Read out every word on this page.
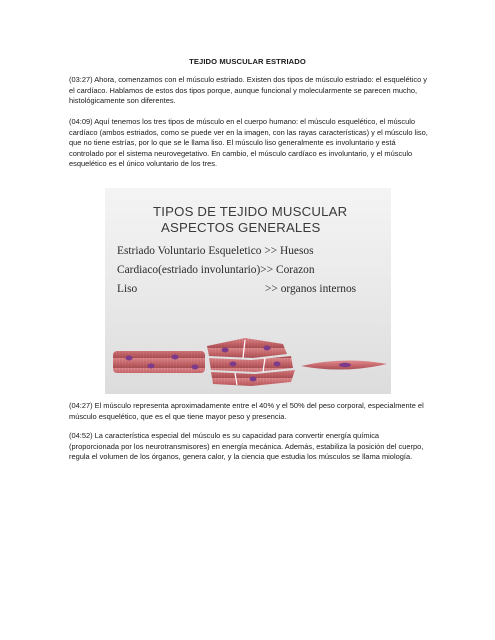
TEJIDO MUSCULAR ESTRIADO

(03:27) Ahora, comenzamos con el músculo estriado. Existen dos tipos de músculo estriado: el esquelético y el cardíaco. Hablamos de estos dos tipos porque, aunque funcional y molecularmente se parecen mucho, histológicamente son diferentes.

(04:09) Aquí tenemos los tres tipos de músculo en el cuerpo humano: el músculo esquelético, el músculo cardíaco (ambos estriados, como se puede ver en la imagen, con las rayas características) y el músculo liso, que no tiene estrías, por lo que se le llama liso. El músculo liso generalmente es involuntario y está controlado por el sistema neurovegetativo. En cambio, el músculo cardíaco es involuntario, y el músculo esquelético es el único voluntario de los tres.

TIPOS DE TEJIDO MUSCULAR
ASPECTOS GENERALES
Estriado Voluntario Esqueletico >> Huesos
Cardiaco(estriado involuntario)>> Corazon
Liso	>> organos internos

(04:27) El músculo representa aproximadamente entre el 40% y el 50% del peso corporal, especialmente el músculo esquelético, que es el que tiene mayor peso y presencia.

(04:52) La característica especial del músculo es su capacidad para convertir energía química (proporcionada por los neurotransmisores) en energía mecánica. Además, estabiliza la posición del cuerpo, regula el volumen de los órganos, genera calor, y la ciencia que estudia los músculos se llama miología.
